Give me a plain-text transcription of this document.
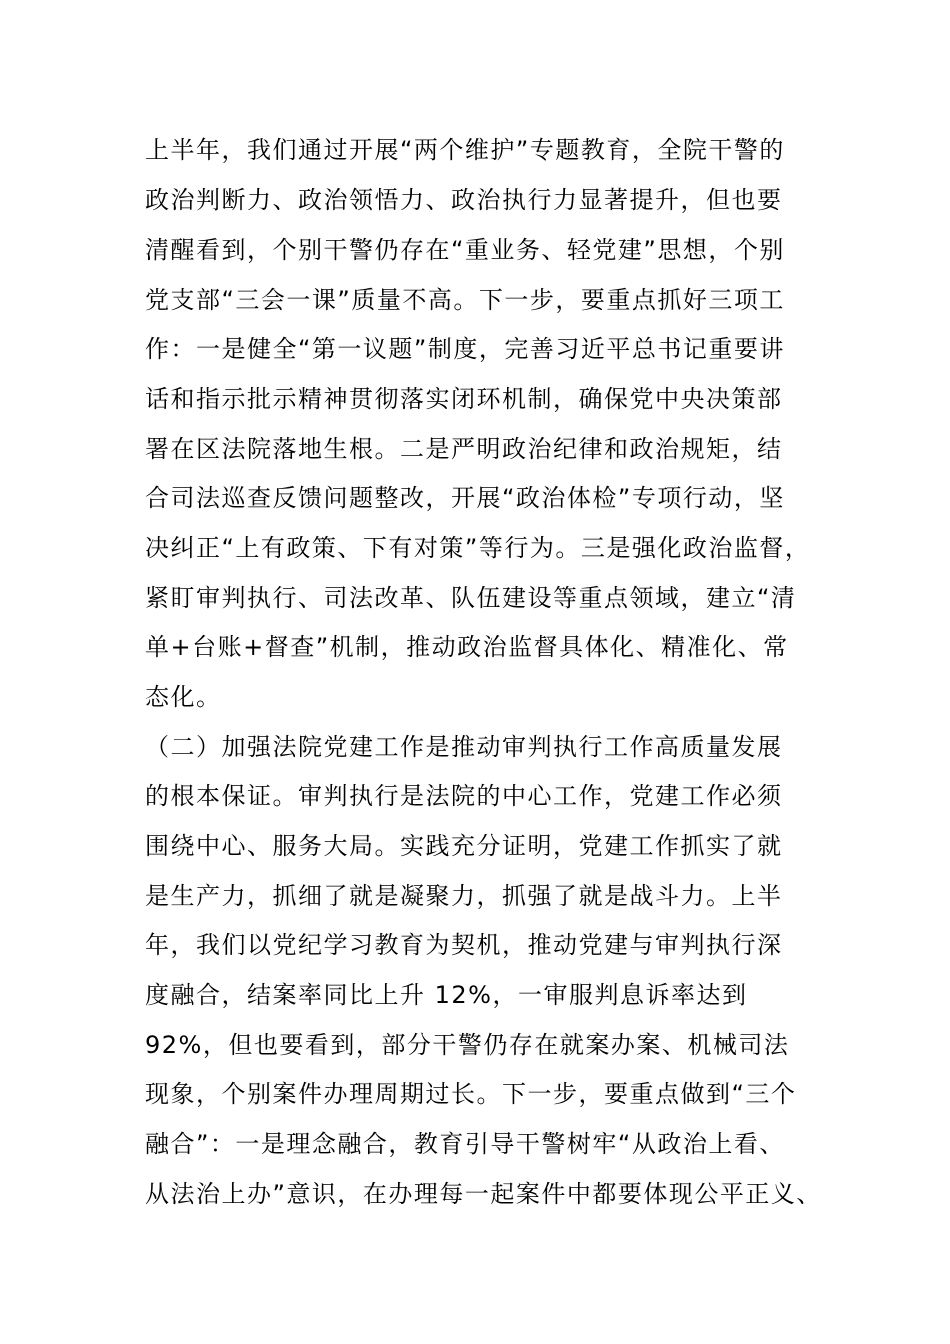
上半年，我们通过开展“两个维护”专题教育，全院干警的
政治判断力、政治领悟力、政治执行力显著提升，但也要
清醒看到，个别干警仍存在“重业务、轻党建”思想，个别
党支部“三会一课”质量不高。下一步，要重点抓好三项工
作：一是健全“第一议题”制度，完善习近平总书记重要讲
话和指示批示精神贯彻落实闭环机制，确保党中央决策部
署在区法院落地生根。二是严明政治纪律和政治规矩，结
合司法巡查反馈问题整改，开展“政治体检”专项行动，坚
决纠正“上有政策、下有对策”等行为。三是强化政治监督，
紧盯审判执行、司法改革、队伍建设等重点领域，建立“清
单+台账+督查”机制，推动政治监督具体化、精准化、常
态化。
（二）加强法院党建工作是推动审判执行工作高质量发展
的根本保证。审判执行是法院的中心工作，党建工作必须
围绕中心、服务大局。实践充分证明，党建工作抓实了就
是生产力，抓细了就是凝聚力，抓强了就是战斗力。上半
年，我们以党纪学习教育为契机，推动党建与审判执行深
度融合，结案率同比上升 12%，一审服判息诉率达到
92%，但也要看到，部分干警仍存在就案办案、机械司法
现象，个别案件办理周期过长。下一步，要重点做到“三个
融合”：一是理念融合，教育引导干警树牢“从政治上看、
从法治上办”意识，在办理每一起案件中都要体现公平正义、
